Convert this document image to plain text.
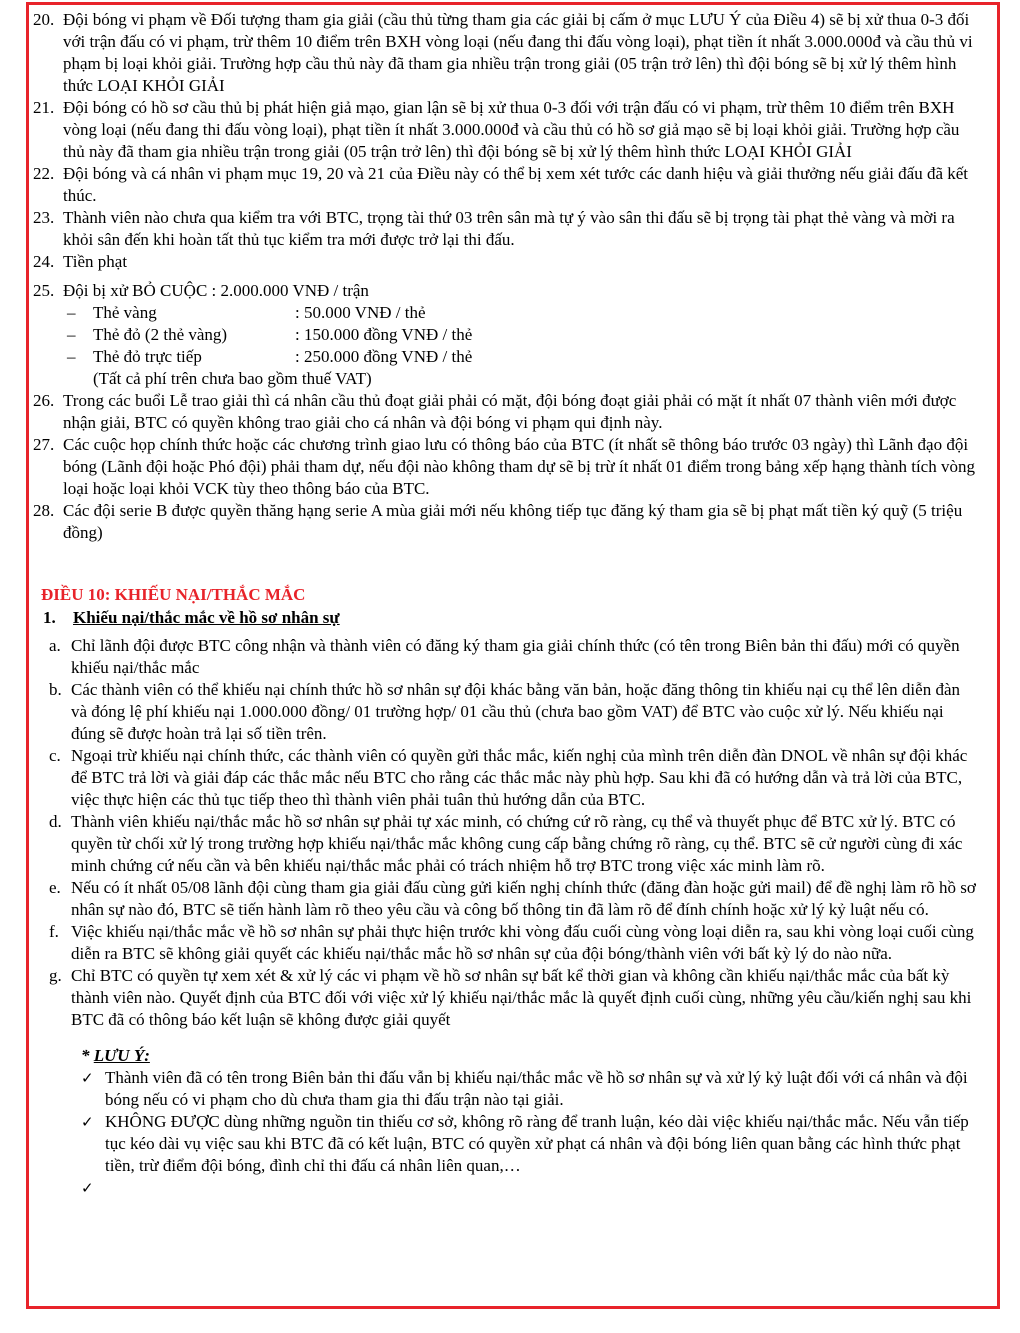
20. Đội bóng vi phạm về Đối tượng tham gia giải (cầu thủ từng tham gia các giải bị cấm ở mục LƯU Ý của Điều 4) sẽ bị xử thua 0-3 đối với trận đấu có vi phạm, trừ thêm 10 điểm trên BXH vòng loại (nếu đang thi đấu vòng loại), phạt tiền ít nhất 3.000.000đ và cầu thủ vi phạm bị loại khỏi giải. Trường hợp cầu thủ này đã tham gia nhiều trận trong giải (05 trận trở lên) thì đội bóng sẽ bị xử lý thêm hình thức LOẠI KHỎI GIẢI
21. Đội bóng có hồ sơ cầu thủ bị phát hiện giả mạo, gian lận sẽ bị xử thua 0-3 đối với trận đấu có vi phạm, trừ thêm 10 điểm trên BXH vòng loại (nếu đang thi đấu vòng loại), phạt tiền ít nhất 3.000.000đ và cầu thủ có hồ sơ giả mạo sẽ bị loại khỏi giải. Trường hợp cầu thủ này đã tham gia nhiều trận trong giải (05 trận trở lên) thì đội bóng sẽ bị xử lý thêm hình thức LOẠI KHỎI GIẢI
22. Đội bóng và cá nhân vi phạm mục 19, 20 và 21 của Điều này có thể bị xem xét tước các danh hiệu và giải thưởng nếu giải đấu đã kết thúc.
23. Thành viên nào chưa qua kiểm tra với BTC, trọng tài thứ 03 trên sân mà tự ý vào sân thi đấu sẽ bị trọng tài phạt thẻ vàng và mời ra khỏi sân đến khi hoàn tất thủ tục kiểm tra mới được trở lại thi đấu.
24. Tiền phạt
25. Đội bị xử BỎ CUỘC : 2.000.000 VNĐ / trận
– Thẻ vàng	: 50.000 VNĐ / thẻ
– Thẻ đỏ (2 thẻ vàng)	: 150.000 đồng VNĐ / thẻ
– Thẻ đỏ trực tiếp	: 250.000 đồng VNĐ / thẻ
(Tất cả phí trên chưa bao gồm thuế VAT)
26. Trong các buổi Lễ trao giải thì cá nhân cầu thủ đoạt giải phải có mặt, đội bóng đoạt giải phải có mặt ít nhất 07 thành viên mới được nhận giải, BTC có quyền không trao giải cho cá nhân và đội bóng vi phạm qui định này.
27. Các cuộc họp chính thức hoặc các chương trình giao lưu có thông báo của BTC (ít nhất sẽ thông báo trước 03 ngày) thì Lãnh đạo đội bóng (Lãnh đội hoặc Phó đội) phải tham dự, nếu đội nào không tham dự sẽ bị trừ ít nhất 01 điểm trong bảng xếp hạng thành tích vòng loại hoặc loại khỏi VCK tùy theo thông báo của BTC.
28. Các đội serie B được quyền thăng hạng serie A mùa giải mới nếu không tiếp tục đăng ký tham gia sẽ bị phạt mất tiền ký quỹ (5 triệu đồng)
ĐIỀU 10: KHIẾU NẠI/THẮC MẮC
1. Khiếu nại/thắc mắc về hồ sơ nhân sự
a. Chỉ lãnh đội được BTC công nhận và thành viên có đăng ký tham gia giải chính thức (có tên trong Biên bản thi đấu) mới có quyền khiếu nại/thắc mắc
b. Các thành viên có thể khiếu nại chính thức hồ sơ nhân sự đội khác bằng văn bản, hoặc đăng thông tin khiếu nại cụ thể lên diễn đàn và đóng lệ phí khiếu nại 1.000.000 đồng/ 01 trường hợp/ 01 cầu thủ (chưa bao gồm VAT) để BTC vào cuộc xử lý. Nếu khiếu nại đúng sẽ được hoàn trả lại số tiền trên.
c. Ngoại trừ khiếu nại chính thức, các thành viên có quyền gửi thắc mắc, kiến nghị của mình trên diễn đàn DNOL về nhân sự đội khác để BTC trả lời và giải đáp các thắc mắc nếu BTC cho rằng các thắc mắc này phù hợp. Sau khi đã có hướng dẫn và trả lời của BTC, việc thực hiện các thủ tục tiếp theo thì thành viên phải tuân thủ hướng dẫn của BTC.
d. Thành viên khiếu nại/thắc mắc hồ sơ nhân sự phải tự xác minh, có chứng cứ rõ ràng, cụ thể và thuyết phục để BTC xử lý. BTC có quyền từ chối xử lý trong trường hợp khiếu nại/thắc mắc không cung cấp bằng chứng rõ ràng, cụ thể. BTC sẽ cử người cùng đi xác minh chứng cứ nếu cần và bên khiếu nại/thắc mắc phải có trách nhiệm hỗ trợ BTC trong việc xác minh làm rõ.
e. Nếu có ít nhất 05/08 lãnh đội cùng tham gia giải đấu cùng gửi kiến nghị chính thức (đăng đàn hoặc gửi mail) để đề nghị làm rõ hồ sơ nhân sự nào đó, BTC sẽ tiến hành làm rõ theo yêu cầu và công bố thông tin đã làm rõ để đính chính hoặc xử lý kỷ luật nếu có.
f. Việc khiếu nại/thắc mắc về hồ sơ nhân sự phải thực hiện trước khi vòng đấu cuối cùng vòng loại diễn ra, sau khi vòng loại cuối cùng diễn ra BTC sẽ không giải quyết các khiếu nại/thắc mắc hồ sơ nhân sự của đội bóng/thành viên với bất kỳ lý do nào nữa.
g. Chỉ BTC có quyền tự xem xét & xử lý các vi phạm về hồ sơ nhân sự bất kể thời gian và không cần khiếu nại/thắc mắc của bất kỳ thành viên nào. Quyết định của BTC đối với việc xử lý khiếu nại/thắc mắc là quyết định cuối cùng, những yêu cầu/kiến nghị sau khi BTC đã có thông báo kết luận sẽ không được giải quyết
* LƯU Ý:
✓ Thành viên đã có tên trong Biên bản thi đấu vẫn bị khiếu nại/thắc mắc về hồ sơ nhân sự và xử lý kỷ luật đối với cá nhân và đội bóng nếu có vi phạm cho dù chưa tham gia thi đấu trận nào tại giải.
✓ KHÔNG ĐƯỢC dùng những nguồn tin thiếu cơ sở, không rõ ràng để tranh luận, kéo dài việc khiếu nại/thắc mắc. Nếu vẫn tiếp tục kéo dài vụ việc sau khi BTC đã có kết luận, BTC có quyền xử phạt cá nhân và đội bóng liên quan bằng các hình thức phạt tiền, trừ điểm đội bóng, đình chỉ thi đấu cá nhân liên quan,…
✓
